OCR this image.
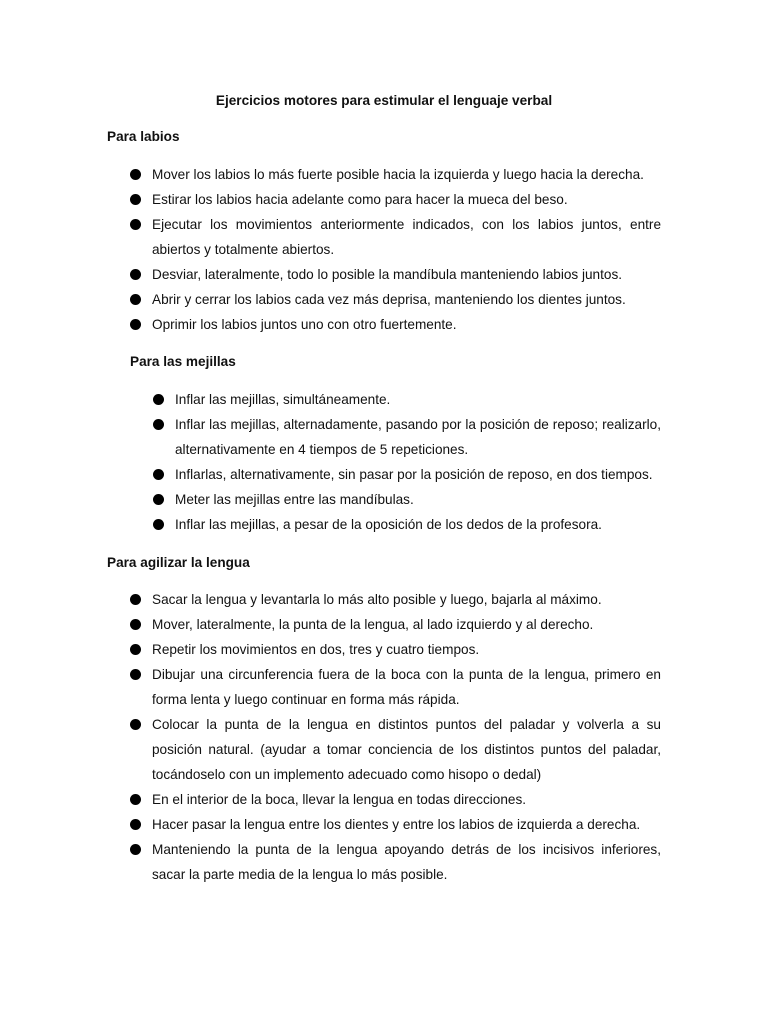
Ejercicios motores para estimular el lenguaje verbal
Para labios
Mover los labios lo más fuerte posible hacia la izquierda y luego hacia la derecha.
Estirar los labios hacia adelante como para hacer la mueca del beso.
Ejecutar los movimientos anteriormente indicados, con los labios juntos, entre abiertos y totalmente abiertos.
Desviar, lateralmente, todo lo posible la mandíbula manteniendo labios juntos.
Abrir y cerrar los labios cada vez más deprisa, manteniendo los dientes juntos.
Oprimir los labios juntos uno con otro fuertemente.
Para las mejillas
Inflar las mejillas, simultáneamente.
Inflar las mejillas, alternadamente, pasando por la posición de reposo; realizarlo, alternativamente en 4 tiempos de 5 repeticiones.
Inflarlas, alternativamente, sin pasar por la posición de reposo, en dos tiempos.
Meter las mejillas entre las mandíbulas.
Inflar las mejillas, a pesar de la oposición de los dedos de la profesora.
Para agilizar la lengua
Sacar la lengua y levantarla lo más alto posible y luego, bajarla al máximo.
Mover, lateralmente, la punta de la lengua, al lado izquierdo y al derecho.
Repetir los movimientos en dos, tres y cuatro tiempos.
Dibujar una circunferencia fuera de la boca con la punta de la lengua, primero en forma lenta y luego continuar en forma más rápida.
Colocar la punta de la lengua en distintos puntos del paladar y volverla a su posición natural. (ayudar a tomar conciencia de los distintos puntos del paladar, tocándoselo con un implemento adecuado como hisopo o dedal)
En el interior de la boca, llevar la lengua en todas direcciones.
Hacer pasar la lengua entre los dientes y entre los labios de izquierda a derecha.
Manteniendo la punta de la lengua apoyando detrás de los incisivos inferiores, sacar la parte media de la lengua lo más posible.
